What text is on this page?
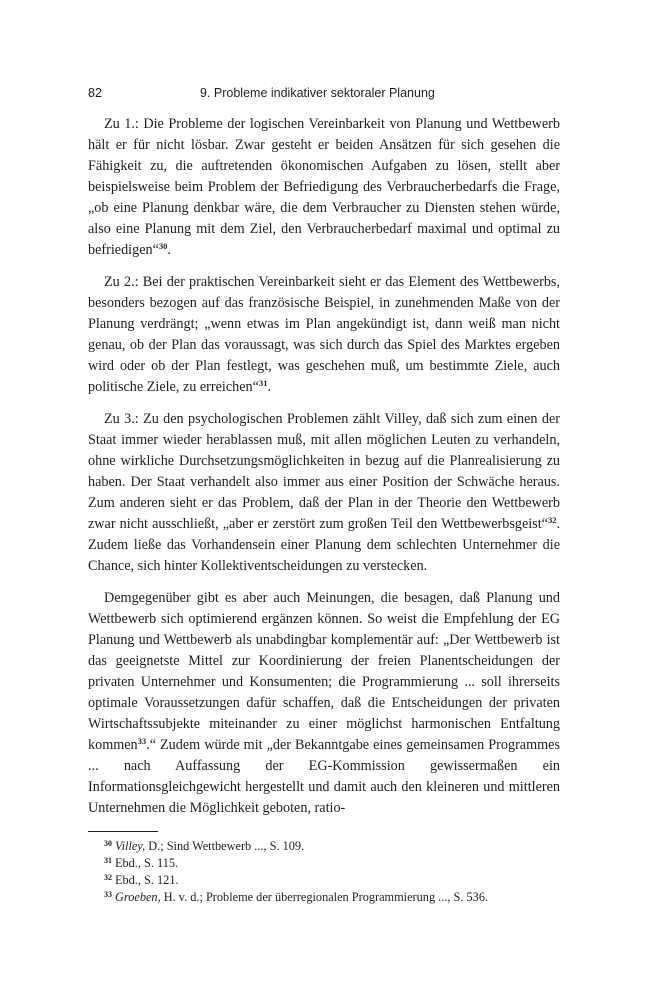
82	9. Probleme indikativer sektoraler Planung

Zu 1.: Die Probleme der logischen Vereinbarkeit von Planung und Wettbewerb hält er für nicht lösbar. Zwar gesteht er beiden Ansätzen für sich gesehen die Fähigkeit zu, die auftretenden ökonomischen Aufgaben zu lösen, stellt aber beispielsweise beim Problem der Befriedigung des Verbraucherbedarfs die Frage, „ob eine Planung denkbar wäre, die dem Verbraucher zu Diensten stehen würde, also eine Planung mit dem Ziel, den Verbraucherbedarf maximal und optimal zu befriedigen“$^{30}$.

Zu 2.: Bei der praktischen Vereinbarkeit sieht er das Element des Wettbewerbs, besonders bezogen auf das französische Beispiel, in zunehmenden Maße von der Planung verdrängt; „wenn etwas im Plan angekündigt ist, dann weiß man nicht genau, ob der Plan das voraussagt, was sich durch das Spiel des Marktes ergeben wird oder ob der Plan festlegt, was geschehen muß, um bestimmte Ziele, auch politische Ziele, zu erreichen“$^{31}$.

Zu 3.: Zu den psychologischen Problemen zählt Villey, daß sich zum einen der Staat immer wieder herablassen muß, mit allen möglichen Leuten zu verhandeln, ohne wirkliche Durchsetzungsmöglichkeiten in bezug auf die Planrealisierung zu haben. Der Staat verhandelt also immer aus einer Position der Schwäche heraus. Zum anderen sieht er das Problem, daß der Plan in der Theorie den Wettbewerb zwar nicht ausschließt, „aber er zerstört zum großen Teil den Wettbewerbsgeist“$^{32}$. Zudem ließe das Vorhandensein einer Planung dem schlechten Unternehmer die Chance, sich hinter Kollektiventscheidungen zu verstecken.

Demgegenüber gibt es aber auch Meinungen, die besagen, daß Planung und Wettbewerb sich optimierend ergänzen können. So weist die Empfehlung der EG Planung und Wettbewerb als unabdingbar komplementär auf: „Der Wettbewerb ist das geeignetste Mittel zur Koordinierung der freien Planentscheidungen der privaten Unternehmer und Konsumenten; die Programmierung ... soll ihrerseits optimale Voraussetzungen dafür schaffen, daß die Entscheidungen der privaten Wirtschaftssubjekte miteinander zu einer möglichst harmonischen Entfaltung kommen$^{33}$.“ Zudem würde mit „der Bekanntgabe eines gemeinsamen Programmes ... nach Auffassung der EG-Kommission gewissermaßen ein Informationsgleichgewicht hergestellt und damit auch den kleineren und mittleren Unternehmen die Möglichkeit geboten, ratio-

$^{30}$ Villey, D.; Sind Wettbewerb ..., S. 109.
$^{31}$ Ebd., S. 115.
$^{32}$ Ebd., S. 121.
$^{33}$ Groeben, H. v. d.; Probleme der überregionalen Programmierung ..., S. 536.
